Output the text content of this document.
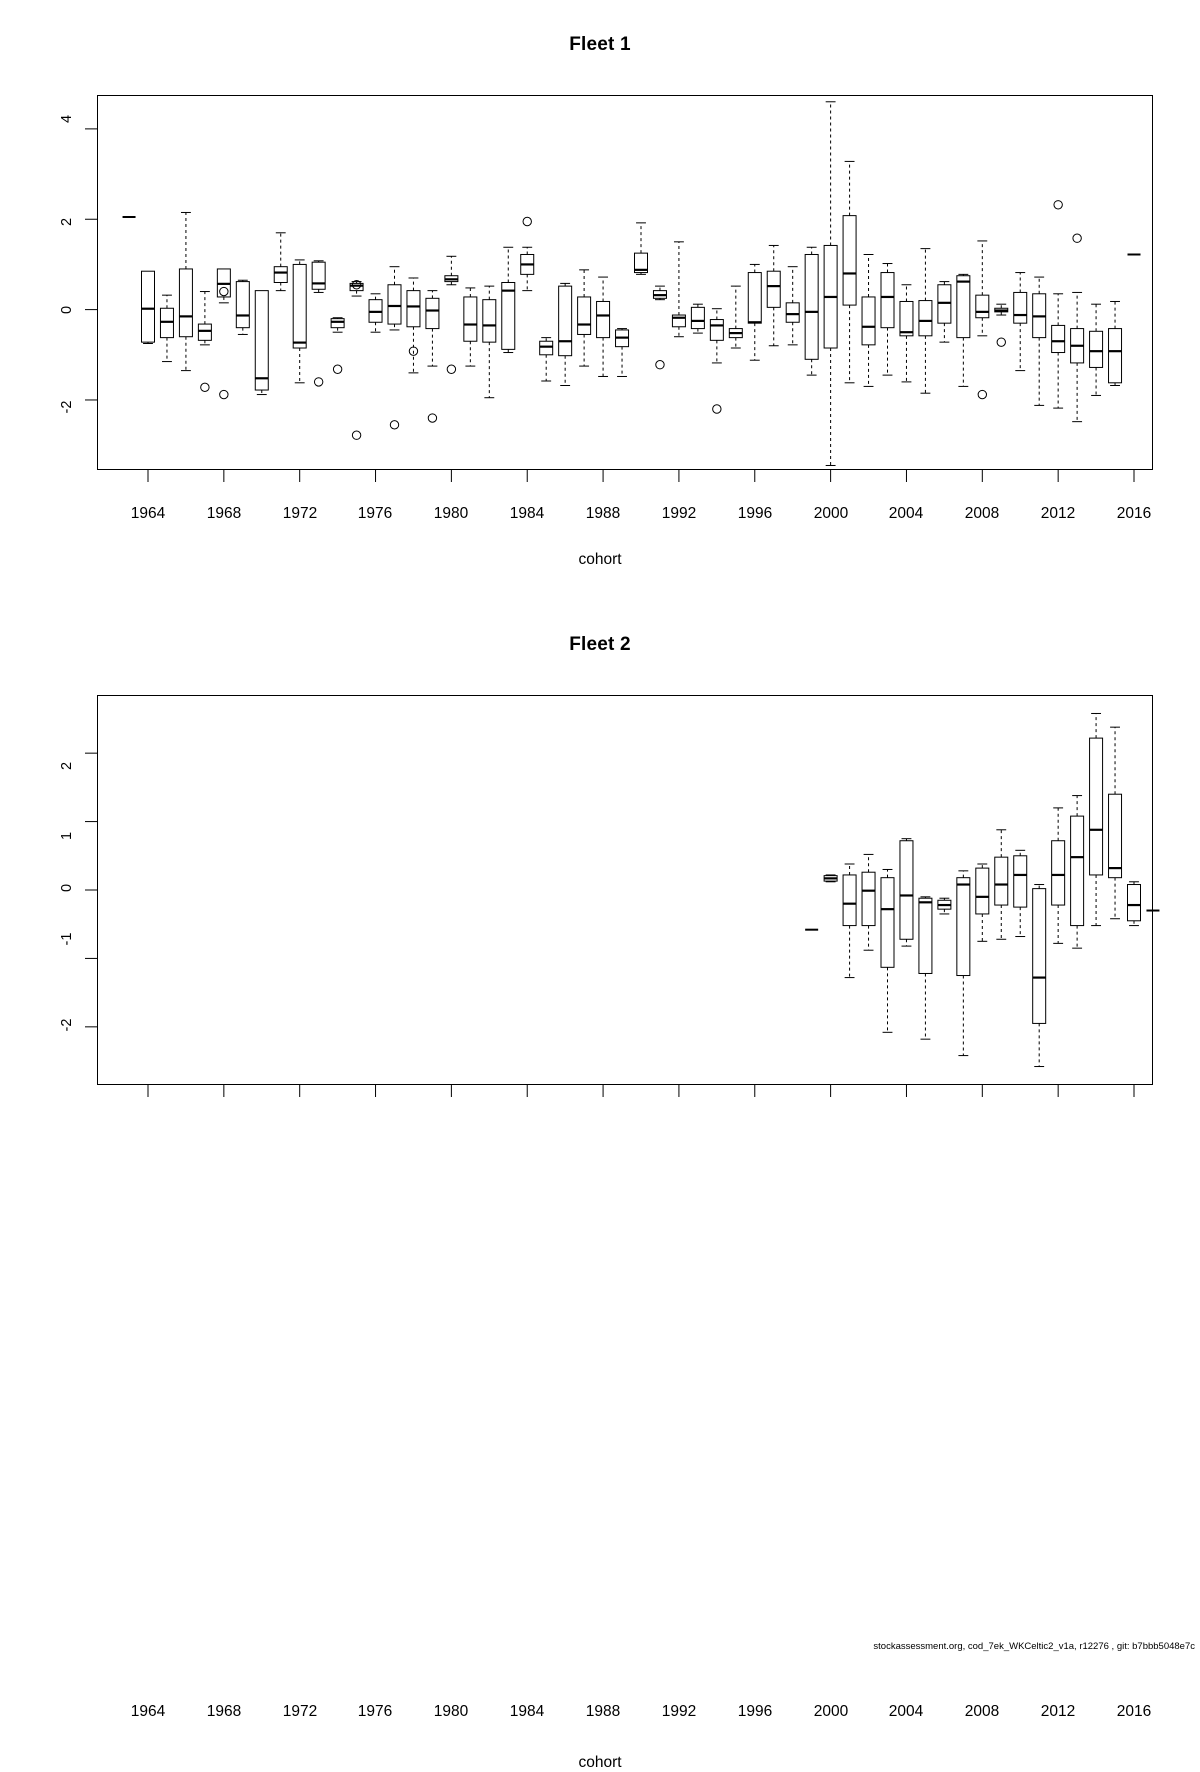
Fleet 1
4
2
0
-2
1964	1968	1972	1976	1980	1984	1988	1992	1996	2000	2004	2008	2012	2016
cohort
Fleet 2
2
1
0
-1
-2
stockassessment.org, cod_7ek_WKCeltic2_v1a, r12276 , git: b7bbb5048e7c
1964	1968	1972	1976	1980	1984	1988	1992	1996	2000	2004	2008	2012	2016
cohort
